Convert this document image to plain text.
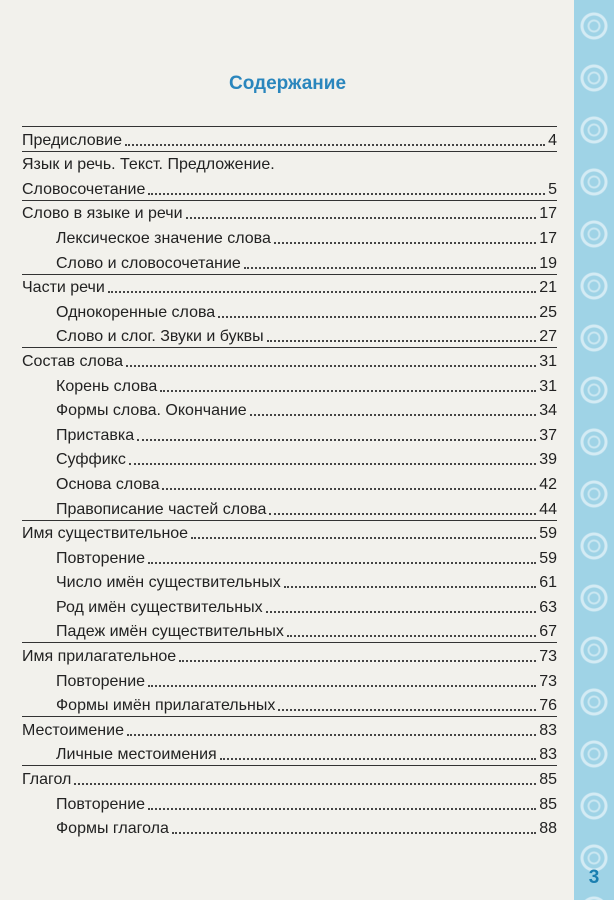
3
Содержание
Предисловие	4
Язык и речь. Текст. Предложение.
Словосочетание	5
Слово в языке и речи	17
Лексическое значение слова	17
Слово и словосочетание	19
Части речи	21
Однокоренные слова	25
Слово и слог. Звуки и буквы	27
Состав слова	31
Корень слова	31
Формы слова. Окончание	34
Приставка	37
Суффикс	39
Основа слова	42
Правописание частей слова	44
Имя существительное	59
Повторение	59
Число имён существительных	61
Род имён существительных	63
Падеж имён существительных	67
Имя прилагательное	73
Повторение	73
Формы имён прилагательных	76
Местоимение	83
Личные местоимения	83
Глагол	85
Повторение	85
Формы глагола	88
